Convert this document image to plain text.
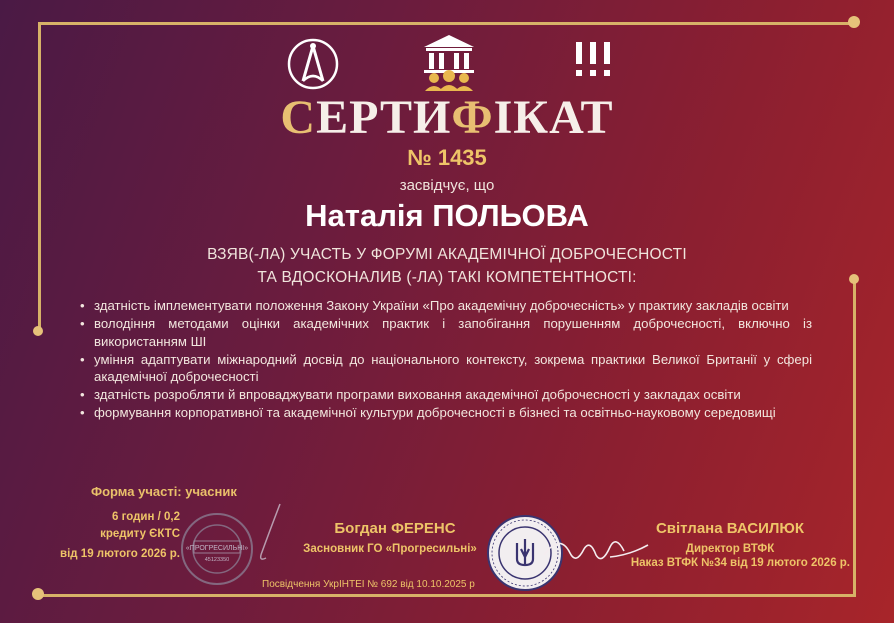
СЕРТИФІКАТ
№ 1435
засвідчує, що
Наталія ПОЛЬОВА
ВЗЯВ(-ЛА) УЧАСТЬ У ФОРУМІ АКАДЕМІЧНОЇ ДОБРОЧЕСНОСТІ
ТА ВДОСКОНАЛИВ (-ЛА) ТАКІ КОМПЕТЕНТНОСТІ:
• здатність імплементувати положення Закону України «Про академічну доброчесність» у практику закладів освіти
• володіння методами оцінки академічних практик і запобігання порушенням доброчесності, включно із використанням ШІ
• уміння адаптувати міжнародний досвід до національного контексту, зокрема практики Великої Британії у сфері академічної доброчесності
• здатність розробляти й впроваджувати програми виховання академічної доброчесності у закладах освіти
• формування корпоративної та академічної культури доброчесності в бізнесі та освітньо-науковому середовищі
Форма участі: учасник
6 годин / 0,2
кредиту ЄКТС
від 19 лютого 2026 р. «ПРОГРЕСИЛЬНІ»
45123350
Богдан ФЕРЕНС
Засновник ГО «Прогресильні»
Світлана ВАСИЛЮК
Директор ВТФК
Наказ ВТФК №34 від 19 лютого 2026 р.
Посвідчення УкрІНТЕІ № 692 від 10.10.2025 р
